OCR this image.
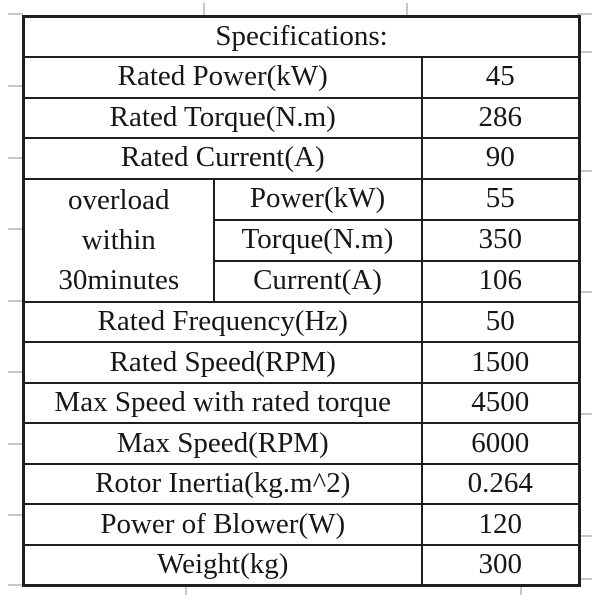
Specifications:		
Rated Power(kW)		45
Rated Torque(N.m)		286
Rated Current(A)		90

overload
within
30minutes	Power(kW)	55
	Torque(N.m)	350
	Current(A)	106
Rated Frequency(Hz)		50
Rated Speed(RPM)		1500
Max Speed with rated torque		4500
Max Speed(RPM)		6000
Rotor Inertia(kg.m^2)		0.264
Power of Blower(W)		120
Weight(kg)		300
